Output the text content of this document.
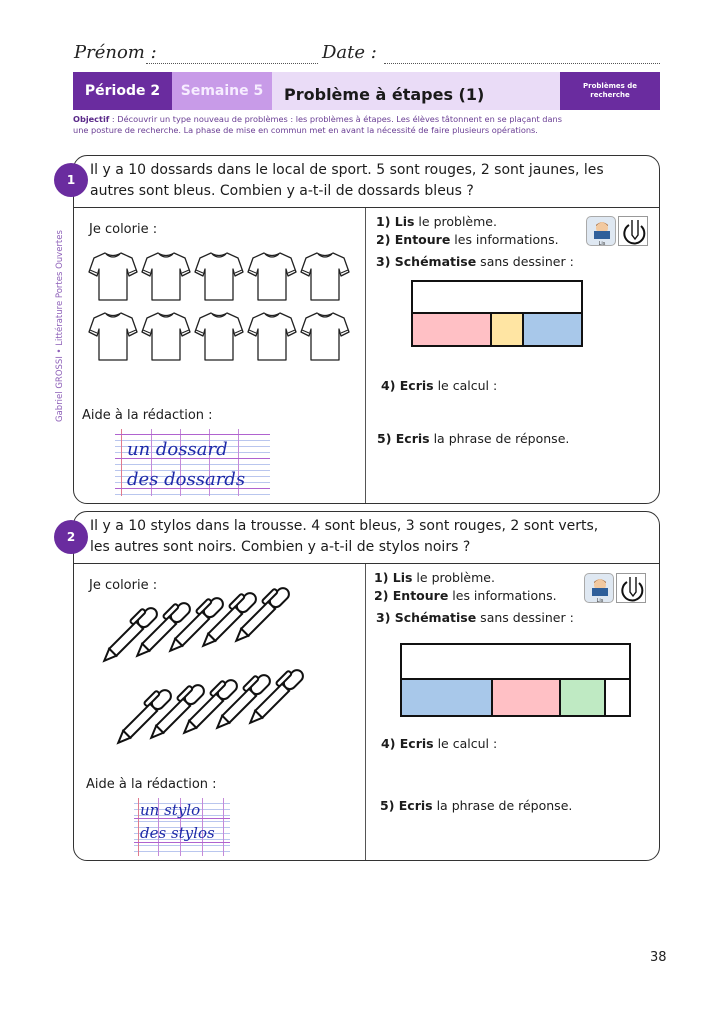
Prénom :	Date :
Période 2	Semaine 5	Problème à étapes (1)	Problèmes de recherche
Objectif : Découvrir un type nouveau de problèmes : les problèmes à étapes. Les élèves tâtonnent en se plaçant dans une posture de recherche. La phase de mise en commun met en avant la nécessité de faire plusieurs opérations.
Gabriel GROSSI • Littérature Portes Ouvertes
1
Il y a 10 dossards dans le local de sport. 5 sont rouges, 2 sont jaunes, les
autres sont bleus. Combien y a-t-il de dossards bleus ?
Je colorie :
Aide à la rédaction :
un dossard
des dossards
1) Lis le problème.
2) Entoure les informations.
3) Schématise sans dessiner :
Lis
4) Ecris le calcul :
5) Ecris la phrase de réponse.
2
Il y a 10 stylos dans la trousse. 4 sont bleus, 3 sont rouges, 2 sont verts,
les autres sont noirs. Combien y a-t-il de stylos noirs ?
Je colorie :
Aide à la rédaction :
un stylo
des stylos
1) Lis le problème.
2) Entoure les informations.
3) Schématise sans dessiner :
Lis
4) Ecris le calcul :
5) Ecris la phrase de réponse.
38
